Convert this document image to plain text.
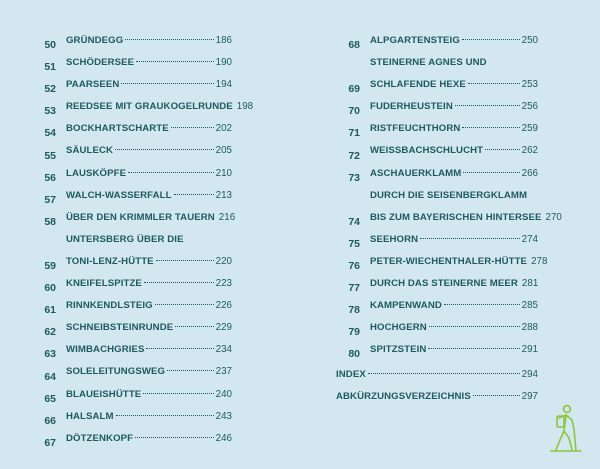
50 GRÜNDEGG	186
51 SCHÖDERSEE	190
52 PAARSEEN	194
53 REEDSEE MIT GRAUKOGELRUNDE 198
54 BOCKHARTSCHARTE	202
55 SÄULECK	205
56 LAUSKÖPFE	210
57 WALCH-WASSERFALL	213
58 ÜBER DEN KRIMMLER TAUERN 216
59
UNTERSBERG ÜBER DIE
TONI-LENZ-HÜTTE	220
60 KNEIFELSPITZE	223
61 RINNKENDLSTEIG	226
62 SCHNEIBSTEINRUNDE	229
63 WIMBACHGRIES	234
64 SOLELEITUNGSWEG	237
65 BLAUEISHÜTTE	240
66 HALSALM	243
67 DÖTZENKOPF	246
68 ALPGARTENSTEIG	250
69
STEINERNE AGNES UND
SCHLAFENDE HEXE	253
70 FUDERHEUSTEIN	256
71 RISTFEUCHTHORN	259
72 WEISSBACHSCHLUCHT	262
73 ASCHAUERKLAMM	266
74
DURCH DIE SEISENBERGKLAMM
BIS ZUM BAYERISCHEN HINTERSEE 270
75 SEEHORN	274
76 PETER-WIECHENTHALER-HÜTTE 278
77 DURCH DAS STEINERNE MEER 281
78 KAMPENWAND	285
79 HOCHGERN	288
80 SPITZSTEIN	291
INDEX	294
ABKÜRZUNGSVERZEICHNIS	297
